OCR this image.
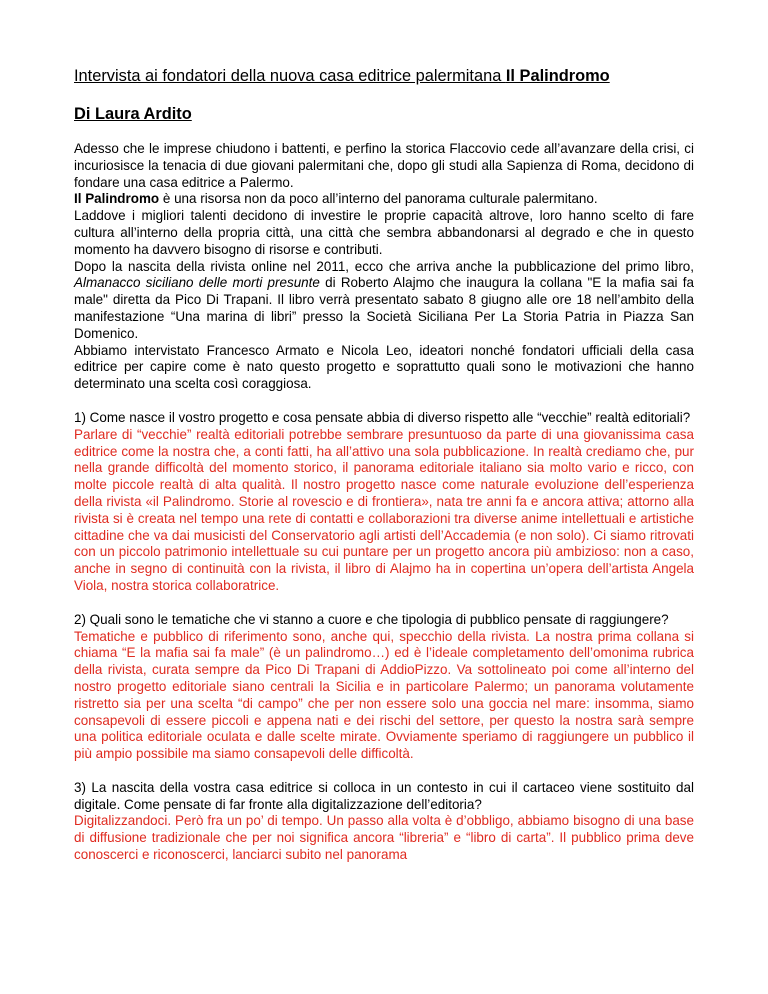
Intervista ai fondatori della nuova casa editrice palermitana Il Palindromo
Di Laura Ardito

Adesso che le imprese chiudono i battenti, e perfino la storica Flaccovio cede all’avanzare della crisi, ci incuriosisce la tenacia di due giovani palermitani che, dopo gli studi alla Sapienza di Roma, decidono di fondare una casa editrice a Palermo.

Il Palindromo è una risorsa non da poco all’interno del panorama culturale palermitano.

Laddove i migliori talenti decidono di investire le proprie capacità altrove, loro hanno scelto di fare cultura all’interno della propria città, una città che sembra abbandonarsi al degrado e che in questo momento ha davvero bisogno di risorse e contributi.

Dopo la nascita della rivista online nel 2011, ecco che arriva anche la pubblicazione del primo libro, Almanacco siciliano delle morti presunte di Roberto Alajmo che inaugura la collana "E la mafia sai fa male" diretta da Pico Di Trapani. Il libro verrà presentato sabato 8 giugno alle ore 18 nell’ambito della manifestazione “Una marina di libri” presso la Società Siciliana Per La Storia Patria in Piazza San Domenico.

Abbiamo intervistato Francesco Armato e Nicola Leo, ideatori nonché fondatori ufficiali della casa editrice per capire come è nato questo progetto e soprattutto quali sono le motivazioni che hanno determinato una scelta così coraggiosa.

1) Come nasce il vostro progetto e cosa pensate abbia di diverso rispetto alle “vecchie” realtà editoriali?

Parlare di “vecchie” realtà editoriali potrebbe sembrare presuntuoso da parte di una giovanissima casa editrice come la nostra che, a conti fatti, ha all’attivo una sola pubblicazione. In realtà crediamo che, pur nella grande difficoltà del momento storico, il panorama editoriale italiano sia molto vario e ricco, con molte piccole realtà di alta qualità. Il nostro progetto nasce come naturale evoluzione dell’esperienza della rivista «il Palindromo. Storie al rovescio e di frontiera», nata tre anni fa e ancora attiva; attorno alla rivista si è creata nel tempo una rete di contatti e collaborazioni tra diverse anime intellettuali e artistiche cittadine che va dai musicisti del Conservatorio agli artisti dell’Accademia (e non solo). Ci siamo ritrovati con un piccolo patrimonio intellettuale su cui puntare per un progetto ancora più ambizioso: non a caso, anche in segno di continuità con la rivista, il libro di Alajmo ha in copertina un’opera dell’artista Angela Viola, nostra storica collaboratrice.

2) Quali sono le tematiche che vi stanno a cuore e che tipologia di pubblico pensate di raggiungere?

Tematiche e pubblico di riferimento sono, anche qui, specchio della rivista. La nostra prima collana si chiama “E la mafia sai fa male” (è un palindromo…) ed è l’ideale completamento dell’omonima rubrica della rivista, curata sempre da Pico Di Trapani di AddioPizzo. Va sottolineato poi come all’interno del nostro progetto editoriale siano centrali la Sicilia e in particolare Palermo; un panorama volutamente ristretto sia per una scelta “di campo” che per non essere solo una goccia nel mare: insomma, siamo consapevoli di essere piccoli e appena nati e dei rischi del settore, per questo la nostra sarà sempre una politica editoriale oculata e dalle scelte mirate. Ovviamente speriamo di raggiungere un pubblico il più ampio possibile ma siamo consapevoli delle difficoltà.

3) La nascita della vostra casa editrice si colloca in un contesto in cui il cartaceo viene sostituito dal digitale. Come pensate di far fronte alla digitalizzazione dell’editoria?

Digitalizzandoci. Però fra un po’ di tempo. Un passo alla volta è d’obbligo, abbiamo bisogno di una base di diffusione tradizionale che per noi significa ancora “libreria” e “libro di carta”. Il pubblico prima deve conoscerci e riconoscerci, lanciarci subito nel panorama
